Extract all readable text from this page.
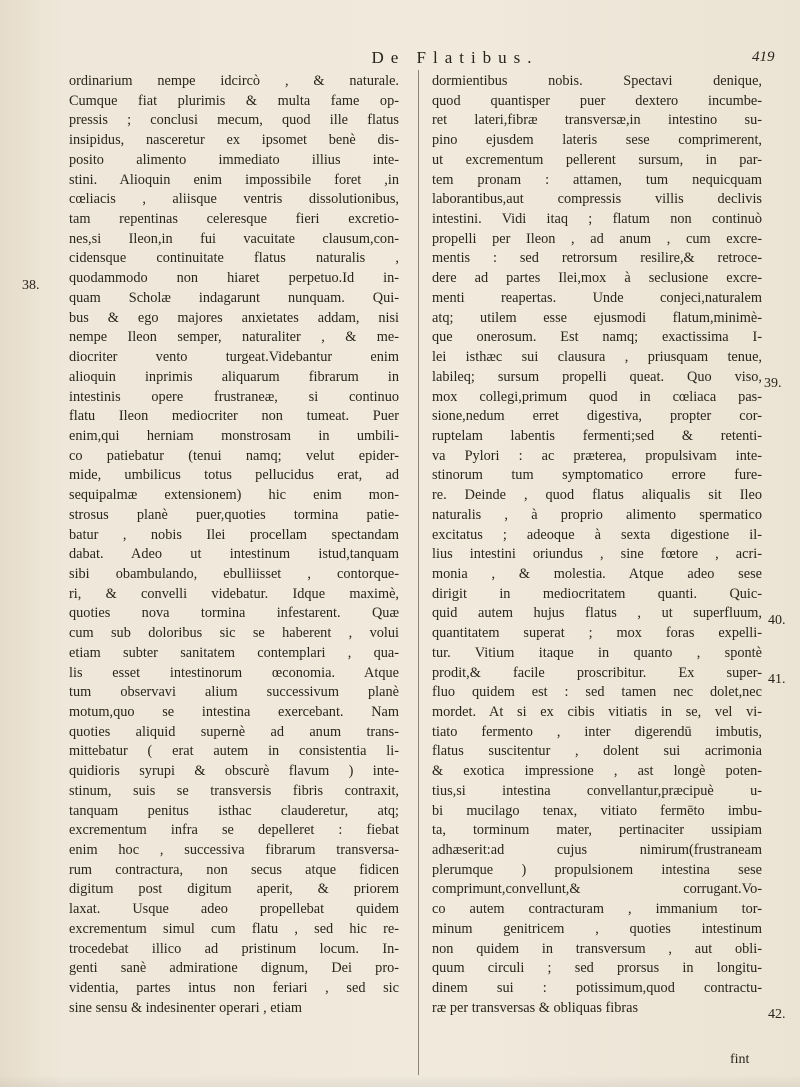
De Flatibus.	419
38.
39.
40.
41.
42.
ordinarium nempe idcircò , & naturale.
Cumque fiat plurimis & multa fame op-
pressis ; conclusi mecum, quod ille flatus
insipidus, nasceretur ex ipsomet benè dis-
posito alimento immediato illius inte-
stini. Alioquin enim impossibile foret ,in
cœliacis , aliisque ventris dissolutionibus,
tam repentinas celeresque fieri excretio-
nes,si Ileon,in fui vacuitate clausum,con-
cidensque continuitate flatus naturalis ,
quodammodo non hiaret perpetuo.Id in-
quam Scholæ indagarunt nunquam. Qui-
bus & ego majores anxietates addam, nisi
nempe Ileon semper, naturaliter , & me-
diocriter vento turgeat.Videbantur enim
alioquin inprimis aliquarum fibrarum in
intestinis opere frustraneæ, si continuo
flatu Ileon mediocriter non tumeat. Puer
enim,qui herniam monstrosam in umbili-
co patiebatur (tenui namq; velut epider-
mide, umbilicus totus pellucidus erat, ad
sequipalmæ extensionem) hic enim mon-
strosus planè puer,quoties tormina patie-
batur , nobis Ilei procellam spectandam
dabat. Adeo ut intestinum istud,tanquam
sibi obambulando, ebulliisset , contorque-
ri, & convelli videbatur. Idque maximè,
quoties nova tormina infestarent. Quæ
cum sub doloribus sic se haberent , volui
etiam subter sanitatem contemplari , qua-
lis esset intestinorum œconomia. Atque
tum observavi alium successivum planè
motum,quo se intestina exercebant. Nam
quoties aliquid supernè ad anum trans-
mittebatur ( erat autem in consistentia li-
quidioris syrupi & obscurè flavum ) inte-
stinum, suis se transversis fibris contraxit,
tanquam penitus isthac clauderetur, atq;
excrementum infra se depelleret : fiebat
enim hoc , successiva fibrarum transversa-
rum contractura, non secus atque fidicen
digitum post digitum aperit, & priorem
laxat. Usque adeo propellebat quidem
excrementum simul cum flatu , sed hic re-
trocedebat illico ad pristinum locum. In-
genti sanè admiratione dignum, Dei pro-
videntia, partes intus non feriari , sed sic
sine sensu & indesinenter operari , etiam
dormientibus nobis. Spectavi denique,
quod quantisper puer dextero incumbe-
ret lateri,fibræ transversæ,in intestino su-
pino ejusdem lateris sese comprimerent,
ut excrementum pellerent sursum, in par-
tem pronam : attamen, tum nequicquam
laborantibus,aut compressis villis declivis
intestini. Vidi itaq ; flatum non continuò
propelli per Ileon , ad anum , cum excre-
mentis : sed retrorsum resilire,& retroce-
dere ad partes Ilei,mox à seclusione excre-
menti reapertas. Unde conjeci,naturalem
atq; utilem esse ejusmodi flatum,minimè-
que onerosum. Est namq; exactissima I-
lei isthæc sui clausura , priusquam tenue,
labileq; sursum propelli queat. Quo viso,
mox collegi,primum quod in cœliaca pas-
sione,nedum erret digestiva, propter cor-
ruptelam labentis fermenti;sed & retenti-
va Pylori : ac præterea, propulsivam inte-
stinorum tum symptomatico errore fure-
re. Deinde , quod flatus aliqualis sit Ileo
naturalis , à proprio alimento spermatico
excitatus ; adeoque à sexta digestione il-
lius intestini oriundus , sine fœtore , acri-
monia , & molestia. Atque adeo sese
dirigit in mediocritatem quanti. Quic-
quid autem hujus flatus , ut superfluum,
quantitatem superat ; mox foras expelli-
tur. Vitium itaque in quanto , spontè
prodit,& facile proscribitur. Ex super-
fluo quidem est : sed tamen nec dolet,nec
mordet. At si ex cibis vitiatis in se, vel vi-
tiato fermento , inter digerendū imbutis,
flatus suscitentur , dolent sui acrimonia
& exotica impressione , ast longè poten-
tius,si intestina convellantur,præcipuè u-
bi mucilago tenax, vitiato fermēto imbu-
ta, torminum mater, pertinaciter ussipiam
adhæserit:ad cujus nimirum(frustraneam
plerumque ) propulsionem intestina sese
comprimunt,convellunt,& corrugant.Vo-
co autem contracturam , immanium tor-
minum genitricem , quoties intestinum
non quidem in transversum , aut obli-
quum circuli ; sed prorsus in longitu-
dinem sui : potissimum,quod contractu-
ræ per transversas & obliquas fibras
fint
